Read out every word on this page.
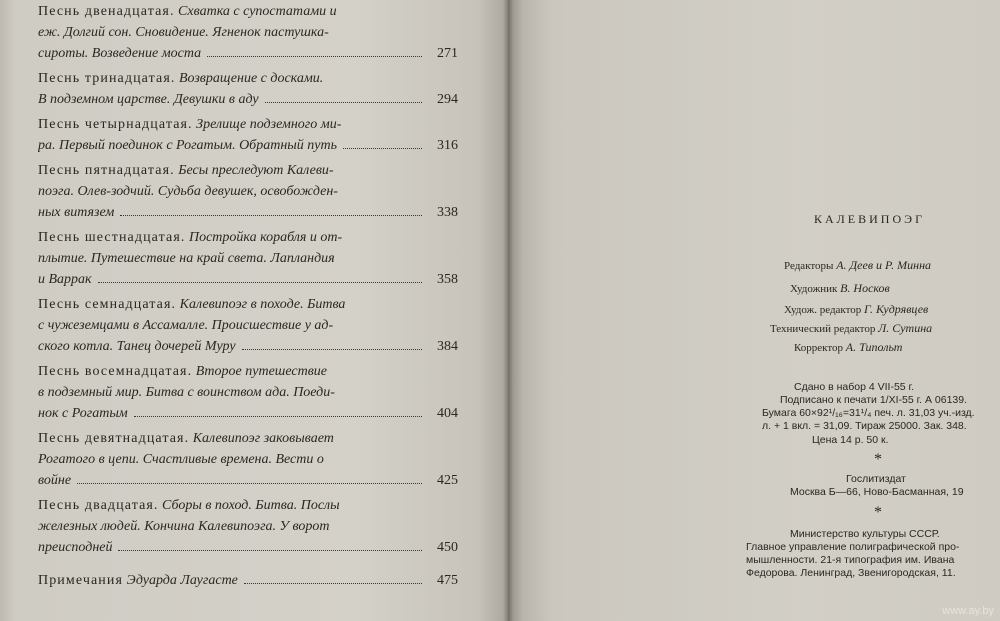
Песнь двенадцатая.
Схватка с супостатами и
еж. Долгий сон. Сновидение. Ягненок пастушка-
сироты. Возведение моста	271
Песнь тринадцатая.
Возвращение с досками.
В подземном царстве. Девушки в аду	294
Песнь четырнадцатая.
Зрелище подземного ми-
ра. Первый поединок с Рогатым. Обратный путь	316
Песнь пятнадцатая.
Бесы преследуют Калеви-
поэга. Олев-зодчий. Судьба девушек, освобожден-
ных витязем	338
Песнь шестнадцатая.
Постройка корабля и от-
плытие. Путешествие на край света. Лапландия
и Варрак	358
Песнь семнадцатая.
Калевипоэг в походе. Битва
с чужеземцами в Ассамалле. Происшествие у ад-
ского котла. Танец дочерей Муру	384
Песнь восемнадцатая.
Второе путешествие
в подземный мир. Битва с воинством ада. Поеди-
нок с Рогатым	404
Песнь девятнадцатая.
Калевипоэг заковывает
Рогатого в цепи. Счастливые времена. Вести о
войне	425
Песнь двадцатая.
Сборы в поход. Битва. Послы
железных людей. Кончина Калевипоэга. У ворот
преисподней	450
Примечания
Эдуарда Лаугасте	475
КАЛЕВИПОЭГ
Редакторы А. Деев и Р. Минна
Художник В. Носков
Худож. редактор Г. Кудрявцев
Технический редактор Л. Сутина
Корректор А. Типольт
Сдано в набор 4 VII-55 г.
Подписано к печати 1/XI-55 г. А 06139.
Бумага 60×92¹/₁₆=31¹/₄ печ. л. 31,03 уч.-изд.
л. + 1 вкл. = 31,09. Тираж 25000. Зак. 348.
Цена 14 р. 50 к.
*
Гослитиздат
Москва Б—66, Ново-Басманная, 19
*
Министерство культуры СССР.
Главное управление полиграфической про-
мышленности. 21-я типография им. Ивана
Федорова. Ленинград, Звенигородская, 11.
www.ay.by
